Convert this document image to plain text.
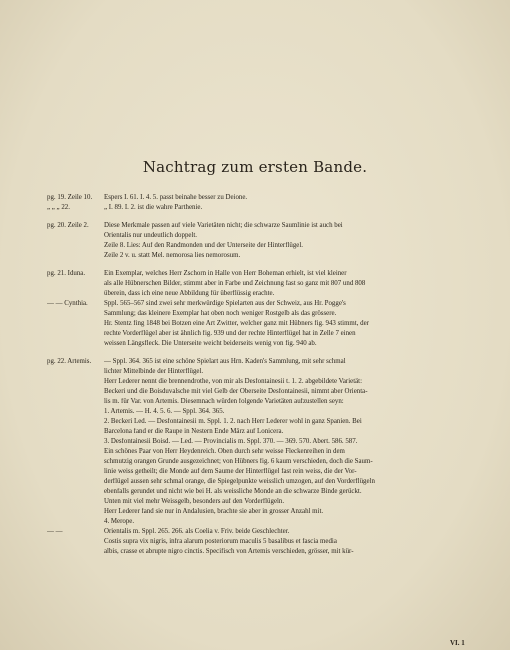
Nachtrag zum ersten Bande.
pg. 19. Zeile 10.	Espers I. 61. I. 4. 5. passt beinahe besser zu Deione.
„ „ „ 22.	„ I. 89. I. 2. ist die wahre Parthenie.
pg. 20. Zeile 2.	Diese Merkmale passen auf viele Varietäten nicht; die schwarze Saumlinie ist auch bei
Orientalis nur undeutlich doppelt.
Zeile 8. Lies: Auf den Randmonden und der Unterseite der Hinterflügel.
Zeile 2 v. u. statt Mel. nemorosa lies nemorosum.
pg. 21. Iduna.	Ein Exemplar, welches Herr Zschorn in Halle von Herr Boheman erhielt, ist viel kleiner
als alle Hübnerschen Bilder, stimmt aber in Farbe und Zeichnung fast so ganz mit 807 und 808
überein, dass ich eine neue Abbildung für überflüssig erachte.
— — Cynthia.	Sppl. 565–567 sind zwei sehr merkwürdige Spielarten aus der Schweiz, aus Hr. Pogge's
Sammlung; das kleinere Exemplar hat oben noch weniger Rostgelb als das grössere.
Hr. Stentz fing 1848 bei Botzen eine Art Zwitter, welcher ganz mit Hübners fig. 943 stimmt, der
rechte Vorderflügel aber ist ähnlich fig. 939 und der rechte Hinterflügel hat in Zelle 7 einen
weissen Längsfleck. Die Unterseite weicht beiderseits wenig von fig. 940 ab.
pg. 22. Artemis.	— Sppl. 364. 365 ist eine schöne Spielart aus Hrn. Kaden's Sammlung, mit sehr schmal
lichter Mittelbinde der Hinterflügel.
Herr Lederer nennt die brennendrothe, von mir als Desfontainesii t. 1. 2. abgebildete Varietät:
Beckeri und die Boisduvalsche mit viel Gelb der Oberseite Desfontainesii, nimmt aber Orienta-
lis m. für Var. von Artemis. Diesemnach würden folgende Varietäten aufzustellen seyn:
1. Artemis. — H. 4. 5. 6. — Sppl. 364. 365.
2. Beckeri Led. — Desfontainesii m. Sppl. 1. 2. nach Herr Lederer wohl in ganz Spanien. Bei
Barcelona fand er die Raupe in Nestern Ende März auf Lonicera.
3. Desfontainesii Boisd. — Led. — Provincialis m. Sppl. 370. — 369. 570. Abert. 586. 587.
Ein schönes Paar von Herr Heydenreich. Oben durch sehr weisse Fleckenreihen in dem
schmutzig orangen Grunde ausgezeichnet; von Hübners fig. 6 kaum verschieden, doch die Saum-
linie weiss getheilt; die Monde auf dem Saume der Hinterflügel fast rein weiss, die der Vor-
derflügel aussen sehr schmal orange, die Spiegelpunkte weisslich umzogen, auf den Vorderflügeln
ebenfalls gerundet und nicht wie bei H. als weissliche Monde an die schwarze Binde gerückt.
Unten mit viel mehr Weissgelb, besonders auf den Vorderflügeln.
Herr Lederer fand sie nur in Andalusien, brachte sie aber in grosser Anzahl mit.
4. Merope.
— —	Orientalis m. Sppl. 265. 266. als Coelia v. Friv. beide Geschlechter.
Costis supra vix nigris, infra alarum posteriorum maculis 5 basalibus et fascia media
albis, crasse et abrupte nigro cinctis. Specifisch von Artemis verschieden, grösser, mit kür-
VI. 1
